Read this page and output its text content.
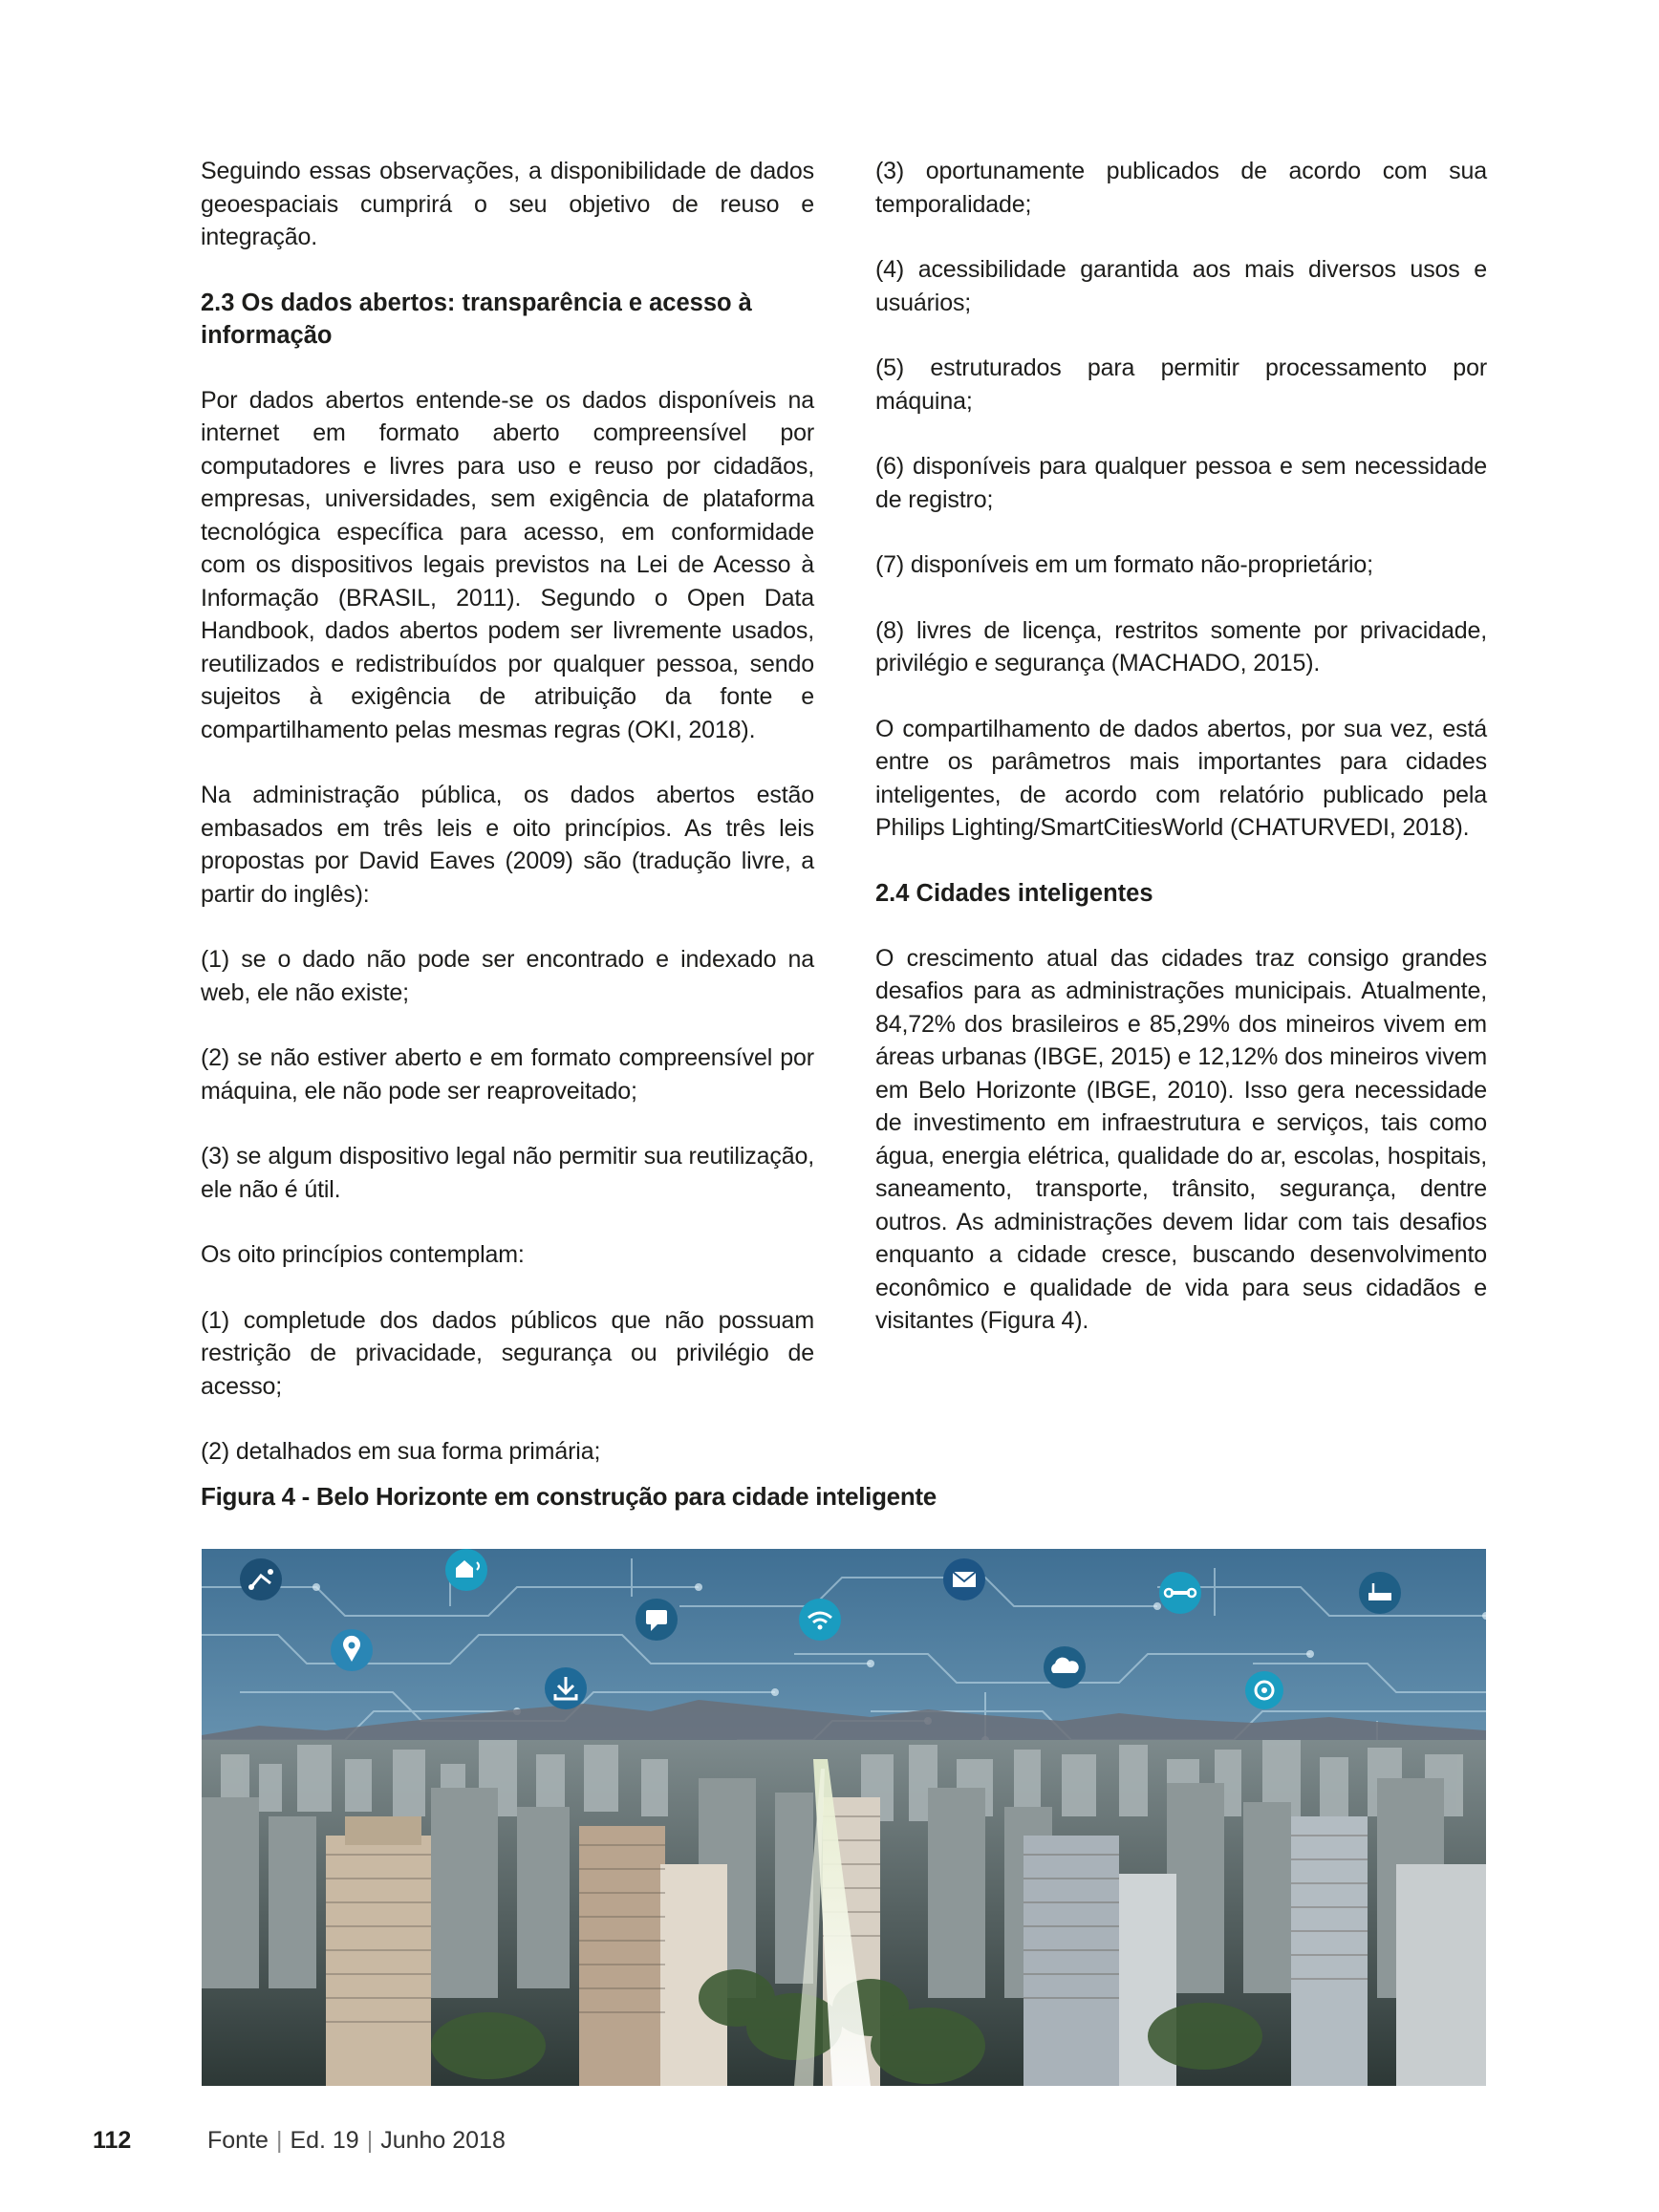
Seguindo essas observações, a disponibilidade de dados geoespaciais cumprirá o seu objetivo de reuso e integração.

2.3 Os dados abertos: transparência e acesso à informação

Por dados abertos entende-se os dados disponíveis na internet em formato aberto compreensível por computadores e livres para uso e reuso por cidadãos, empresas, universidades, sem exigência de plataforma tecnológica específica para acesso, em conformidade com os dispositivos legais previstos na Lei de Acesso à Informação (BRASIL, 2011). Segundo o Open Data Handbook, dados abertos podem ser livremente usados, reutilizados e redistribuídos por qualquer pessoa, sendo sujeitos à exigência de atribuição da fonte e compartilhamento pelas mesmas regras (OKI, 2018).

Na administração pública, os dados abertos estão embasados em três leis e oito princípios. As três leis propostas por David Eaves (2009) são (tradução livre, a partir do inglês):

(1) se o dado não pode ser encontrado e indexado na web, ele não existe;

(2) se não estiver aberto e em formato compreensível por máquina, ele não pode ser reaproveitado;

(3) se algum dispositivo legal não permitir sua reutilização, ele não é útil.

Os oito princípios contemplam:

(1) completude dos dados públicos que não possuam restrição de privacidade, segurança ou privilégio de acesso;

(2) detalhados em sua forma primária;

(3) oportunamente publicados de acordo com sua temporalidade;

(4) acessibilidade garantida aos mais diversos usos e usuários;

(5) estruturados para permitir processamento por máquina;

(6) disponíveis para qualquer pessoa e sem necessidade de registro;

(7) disponíveis em um formato não-proprietário;

(8) livres de licença, restritos somente por privacidade, privilégio e segurança (MACHADO, 2015).

O compartilhamento de dados abertos, por sua vez, está entre os parâmetros mais importantes para cidades inteligentes, de acordo com relatório publicado pela Philips Lighting/SmartCitiesWorld (CHATURVEDI, 2018).

2.4 Cidades inteligentes

O crescimento atual das cidades traz consigo grandes desafios para as administrações municipais. Atualmente, 84,72% dos brasileiros e 85,29% dos mineiros vivem em áreas urbanas (IBGE, 2015) e 12,12% dos mineiros vivem em Belo Horizonte (IBGE, 2010). Isso gera necessidade de investimento em infraestrutura e serviços, tais como água, energia elétrica, qualidade do ar, escolas, hospitais, saneamento, transporte, trânsito, segurança, dentre outros. As administrações devem lidar com tais desafios enquanto a cidade cresce, buscando desenvolvimento econômico e qualidade de vida para seus cidadãos e visitantes (Figura 4).

Figura 4 - Belo Horizonte em construção para cidade inteligente

112	Fonte | Ed. 19 | Junho 2018
